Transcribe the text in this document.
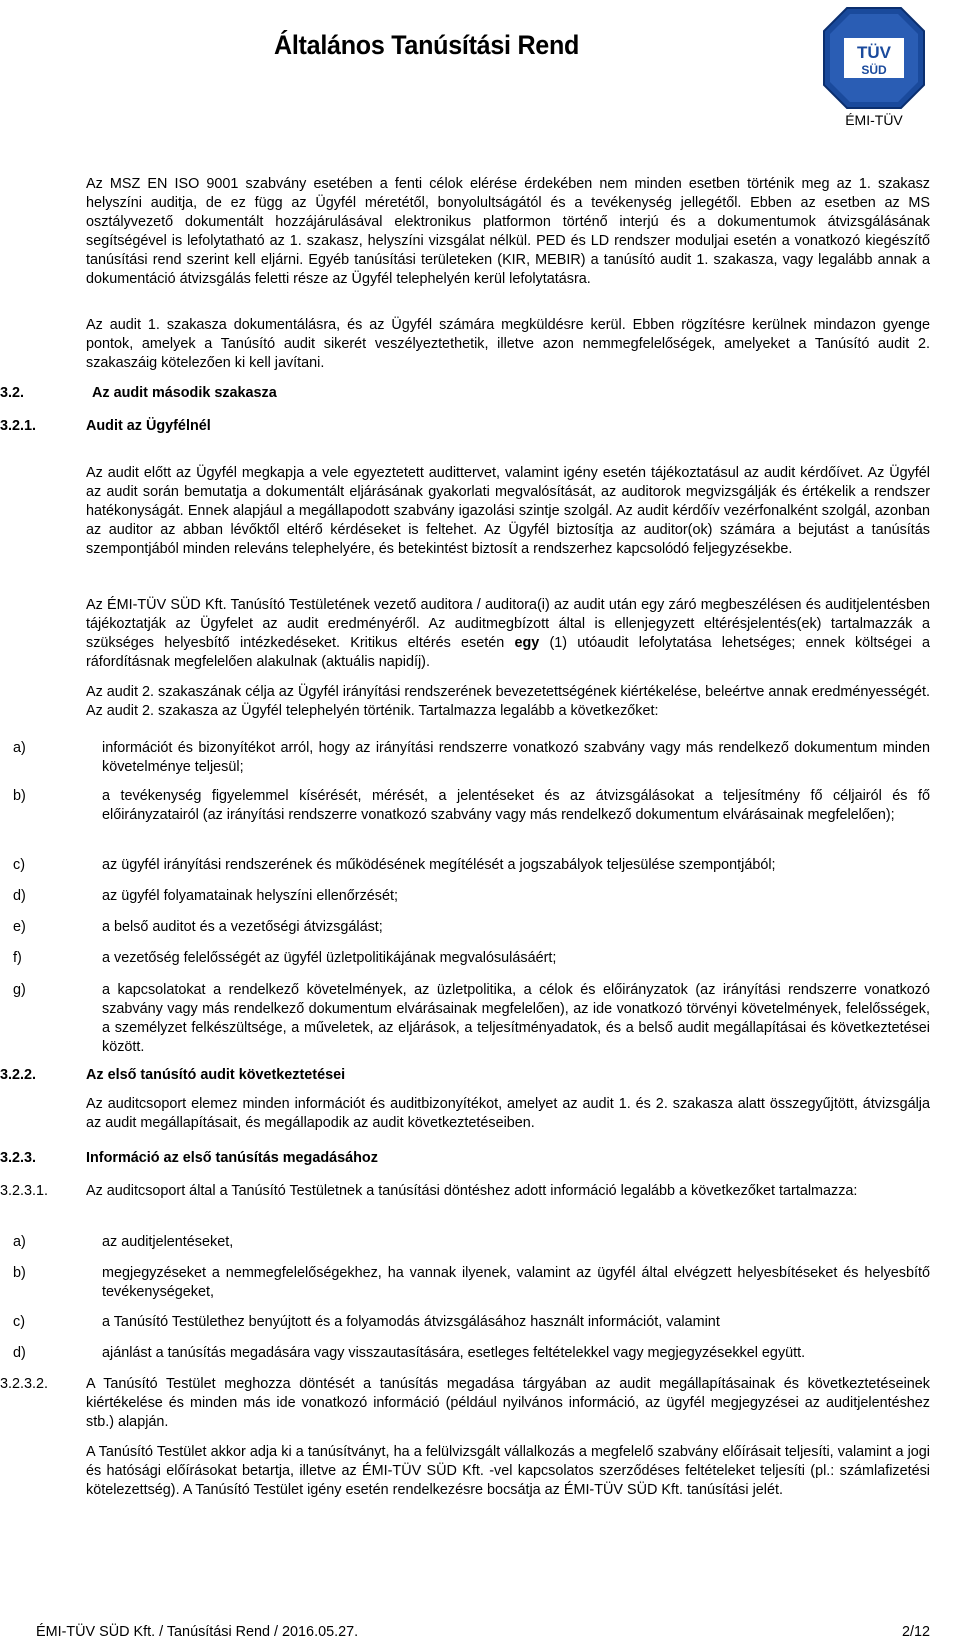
Általános Tanúsítási Rend	TÜV
SÜD
ÉMI-TÜV
Az MSZ EN ISO 9001 szabvány esetében a fenti célok elérése érdekében nem minden esetben történik meg az 1. szakasz helyszíni auditja, de ez függ az Ügyfél méretétől, bonyolultságától és a tevékenység jellegétől. Ebben az esetben az MS osztályvezető dokumentált hozzájárulásával elektronikus platformon történő interjú és a dokumentumok átvizsgálásának segítségével is lefolytatható az 1. szakasz, helyszíni vizsgálat nélkül. PED és LD rendszer moduljai esetén a vonatkozó kiegészítő tanúsítási rend szerint kell eljárni. Egyéb tanúsítási területeken (KIR, MEBIR) a tanúsító audit 1. szakasza, vagy legalább annak a dokumentáció átvizsgálás feletti része az Ügyfél telephelyén kerül lefolytatásra.
Az audit 1. szakasza dokumentálásra, és az Ügyfél számára megküldésre kerül. Ebben rögzítésre kerülnek mindazon gyenge pontok, amelyek a Tanúsító audit sikerét veszélyeztethetik, illetve azon nemmegfelelőségek, amelyeket a Tanúsító audit 2. szakaszáig kötelezően ki kell javítani.
3.2.	Az audit második szakasza
3.2.1.	Audit az Ügyfélnél
Az audit előtt az Ügyfél megkapja a vele egyeztetett audittervet, valamint igény esetén tájékoztatásul az audit kérdőívet. Az Ügyfél az audit során bemutatja a dokumentált eljárásának gyakorlati megvalósítását, az auditorok megvizsgálják és értékelik a rendszer hatékonyságát. Ennek alapjául a megállapodott szabvány igazolási szintje szolgál. Az audit kérdőív vezérfonalként szolgál, azonban az auditor az abban lévőktől eltérő kérdéseket is feltehet. Az Ügyfél biztosítja az auditor(ok) számára a bejutást a tanúsítás szempontjából minden releváns telephelyére, és betekintést biztosít a rendszerhez kapcsolódó feljegyzésekbe.
Az ÉMI-TÜV SÜD Kft. Tanúsító Testületének vezető auditora / auditora(i) az audit után egy záró megbeszélésen és auditjelentésben tájékoztatják az Ügyfelet az audit eredményéről. Az auditmegbízott által is ellenjegyzett eltérésjelentés(ek) tartalmazzák a szükséges helyesbítő intézkedéseket. Kritikus eltérés esetén egy (1) utóaudit lefolytatása lehetséges; ennek költségei a ráfordításnak megfelelően alakulnak (aktuális napidíj).
Az audit 2. szakaszának célja az Ügyfél irányítási rendszerének bevezetettségének kiértékelése, beleértve annak eredményességét. Az audit 2. szakasza az Ügyfél telephelyén történik. Tartalmazza legalább a következőket:
a)	információt és bizonyítékot arról, hogy az irányítási rendszerre vonatkozó szabvány vagy más rendelkező dokumentum minden követelménye teljesül;
b)	a tevékenység figyelemmel kísérését, mérését, a jelentéseket és az átvizsgálásokat a teljesítmény fő céljairól és fő előirányzatairól (az irányítási rendszerre vonatkozó szabvány vagy más rendelkező dokumentum elvárásainak megfelelően);
c)	az ügyfél irányítási rendszerének és működésének megítélését a jogszabályok teljesülése szempontjából;
d)	az ügyfél folyamatainak helyszíni ellenőrzését;
e)	a belső auditot és a vezetőségi átvizsgálást;
f)	a vezetőség felelősségét az ügyfél üzletpolitikájának megvalósulásáért;
g)	a kapcsolatokat a rendelkező követelmények, az üzletpolitika, a célok és előirányzatok (az irányítási rendszerre vonatkozó szabvány vagy más rendelkező dokumentum elvárásainak megfelelően), az ide vonatkozó törvényi követelmények, felelősségek, a személyzet felkészültsége, a műveletek, az eljárások, a teljesítményadatok, és a belső audit megállapításai és következtetései között.
3.2.2.	Az első tanúsító audit következtetései
Az auditcsoport elemez minden információt és auditbizonyítékot, amelyet az audit 1. és 2. szakasza alatt összegyűjtött, átvizsgálja az audit megállapításait, és megállapodik az audit következtetéseiben.
3.2.3.	Információ az első tanúsítás megadásához
3.2.3.1.	Az auditcsoport által a Tanúsító Testületnek a tanúsítási döntéshez adott információ legalább a következőket tartalmazza:
a)	az auditjelentéseket,
b)	megjegyzéseket a nemmegfelelőségekhez, ha vannak ilyenek, valamint az ügyfél által elvégzett helyesbítéseket és helyesbítő tevékenységeket,
c)	a Tanúsító Testülethez benyújtott és a folyamodás átvizsgálásához használt információt, valamint
d)	ajánlást a tanúsítás megadására vagy visszautasítására, esetleges feltételekkel vagy megjegyzésekkel együtt.
3.2.3.2.	A Tanúsító Testület meghozza döntését a tanúsítás megadása tárgyában az audit megállapításainak és következtetéseinek kiértékelése és minden más ide vonatkozó információ (például nyilvános információ, az ügyfél megjegyzései az auditjelentéshez stb.) alapján.
A Tanúsító Testület akkor adja ki a tanúsítványt, ha a felülvizsgált vállalkozás a megfelelő szabvány előírásait teljesíti, valamint a jogi és hatósági előírásokat betartja, illetve az ÉMI-TÜV SÜD Kft. -vel kapcsolatos szerződéses feltételeket teljesíti (pl.: számlafizetési kötelezettség). A Tanúsító Testület igény esetén rendelkezésre bocsátja az ÉMI-TÜV SÜD Kft. tanúsítási jelét.
ÉMI-TÜV SÜD Kft. / Tanúsítási Rend / 2016.05.27.	2/12
